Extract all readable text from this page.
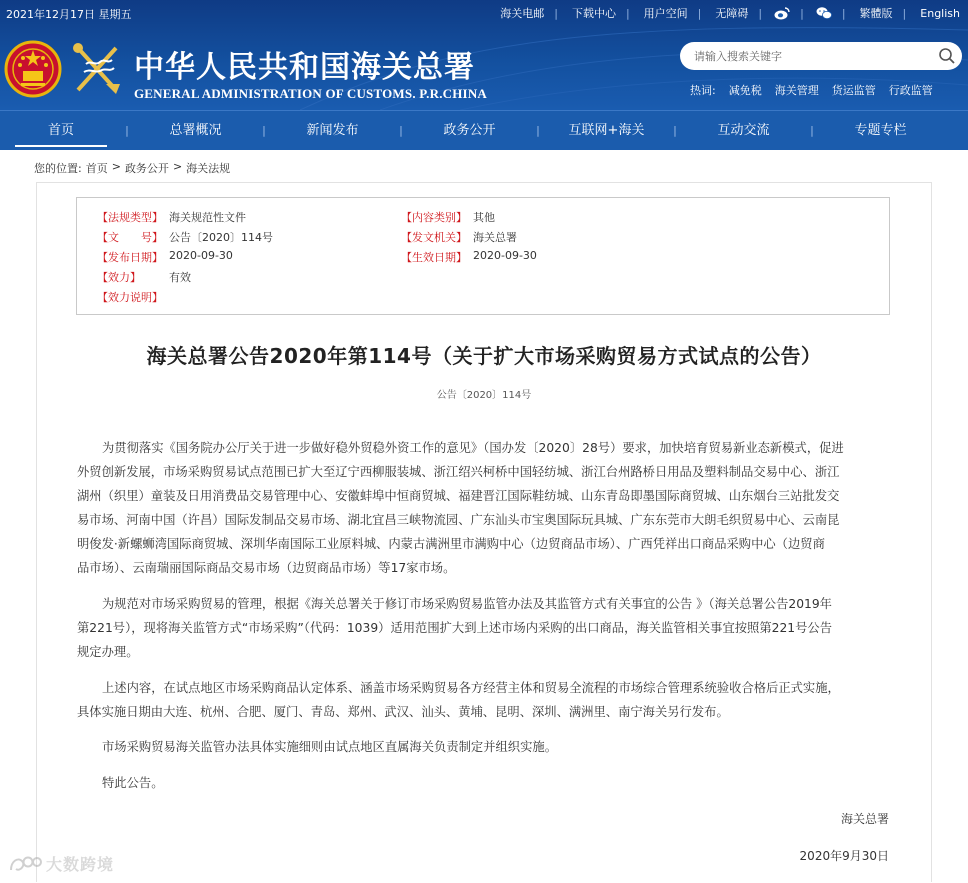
2021年12月17日 星期五	海关电邮 | 下载中心 | 用户空间 | 无障碍 |	|	| 繁體版 | English
中华人民共和国海关总署
GENERAL ADMINISTRATION OF CUSTOMS. P.R.CHINA
请输入搜索关键字	热词: 减免税 海关管理 货运监管 行政监管
首页	|	总署概况	|	新闻发布	|	政务公开	|	互联网+海关	|	互动交流	|	专题专栏
您的位置: 首页 > 政务公开 > 海关法规
【法规类型】 海关规范性文件	【内容类别】 其他
【文　　号】 公告〔2020〕114号	【发文机关】 海关总署
【发布日期】 2020-09-30	【生效日期】 2020-09-30
【效力】	有效
【效力说明】
海关总署公告2020年第114号（关于扩大市场采购贸易方式试点的公告）
公告〔2020〕114号
为贯彻落实《国务院办公厅关于进一步做好稳外贸稳外资工作的意见》（国办发〔2020〕28号）要求，加快培育贸易新业态新模式，促进
外贸创新发展，市场采购贸易试点范围已扩大至辽宁西柳服装城、浙江绍兴柯桥中国轻纺城、浙江台州路桥日用品及塑料制品交易中心、浙江
湖州（织里）童装及日用消费品交易管理中心、安徽蚌埠中恒商贸城、福建晋江国际鞋纺城、山东青岛即墨国际商贸城、山东烟台三站批发交
易市场、河南中国（许昌）国际发制品交易市场、湖北宜昌三峡物流园、广东汕头市宝奥国际玩具城、广东东莞市大朗毛织贸易中心、云南昆
明俊发·新螺蛳湾国际商贸城、深圳华南国际工业原料城、内蒙古满洲里市满购中心（边贸商品市场）、广西凭祥出口商品采购中心（边贸商
品市场）、云南瑞丽国际商品交易市场（边贸商品市场）等17家市场。
为规范对市场采购贸易的管理，根据《海关总署关于修订市场采购贸易监管办法及其监管方式有关事宜的公告 》（海关总署公告2019年
第221号），现将海关监管方式“市场采购”（代码：1039）适用范围扩大到上述市场内采购的出口商品，海关监管相关事宜按照第221号公告
规定办理。
上述内容，在试点地区市场采购商品认定体系、涵盖市场采购贸易各方经营主体和贸易全流程的市场综合管理系统验收合格后正式实施，
具体实施日期由大连、杭州、合肥、厦门、青岛、郑州、武汉、汕头、黄埔、昆明、深圳、满洲里、南宁海关另行发布。
市场采购贸易海关监管办法具体实施细则由试点地区直属海关负责制定并组织实施。
特此公告。
海关总署
2020年9月30日
大数跨境
